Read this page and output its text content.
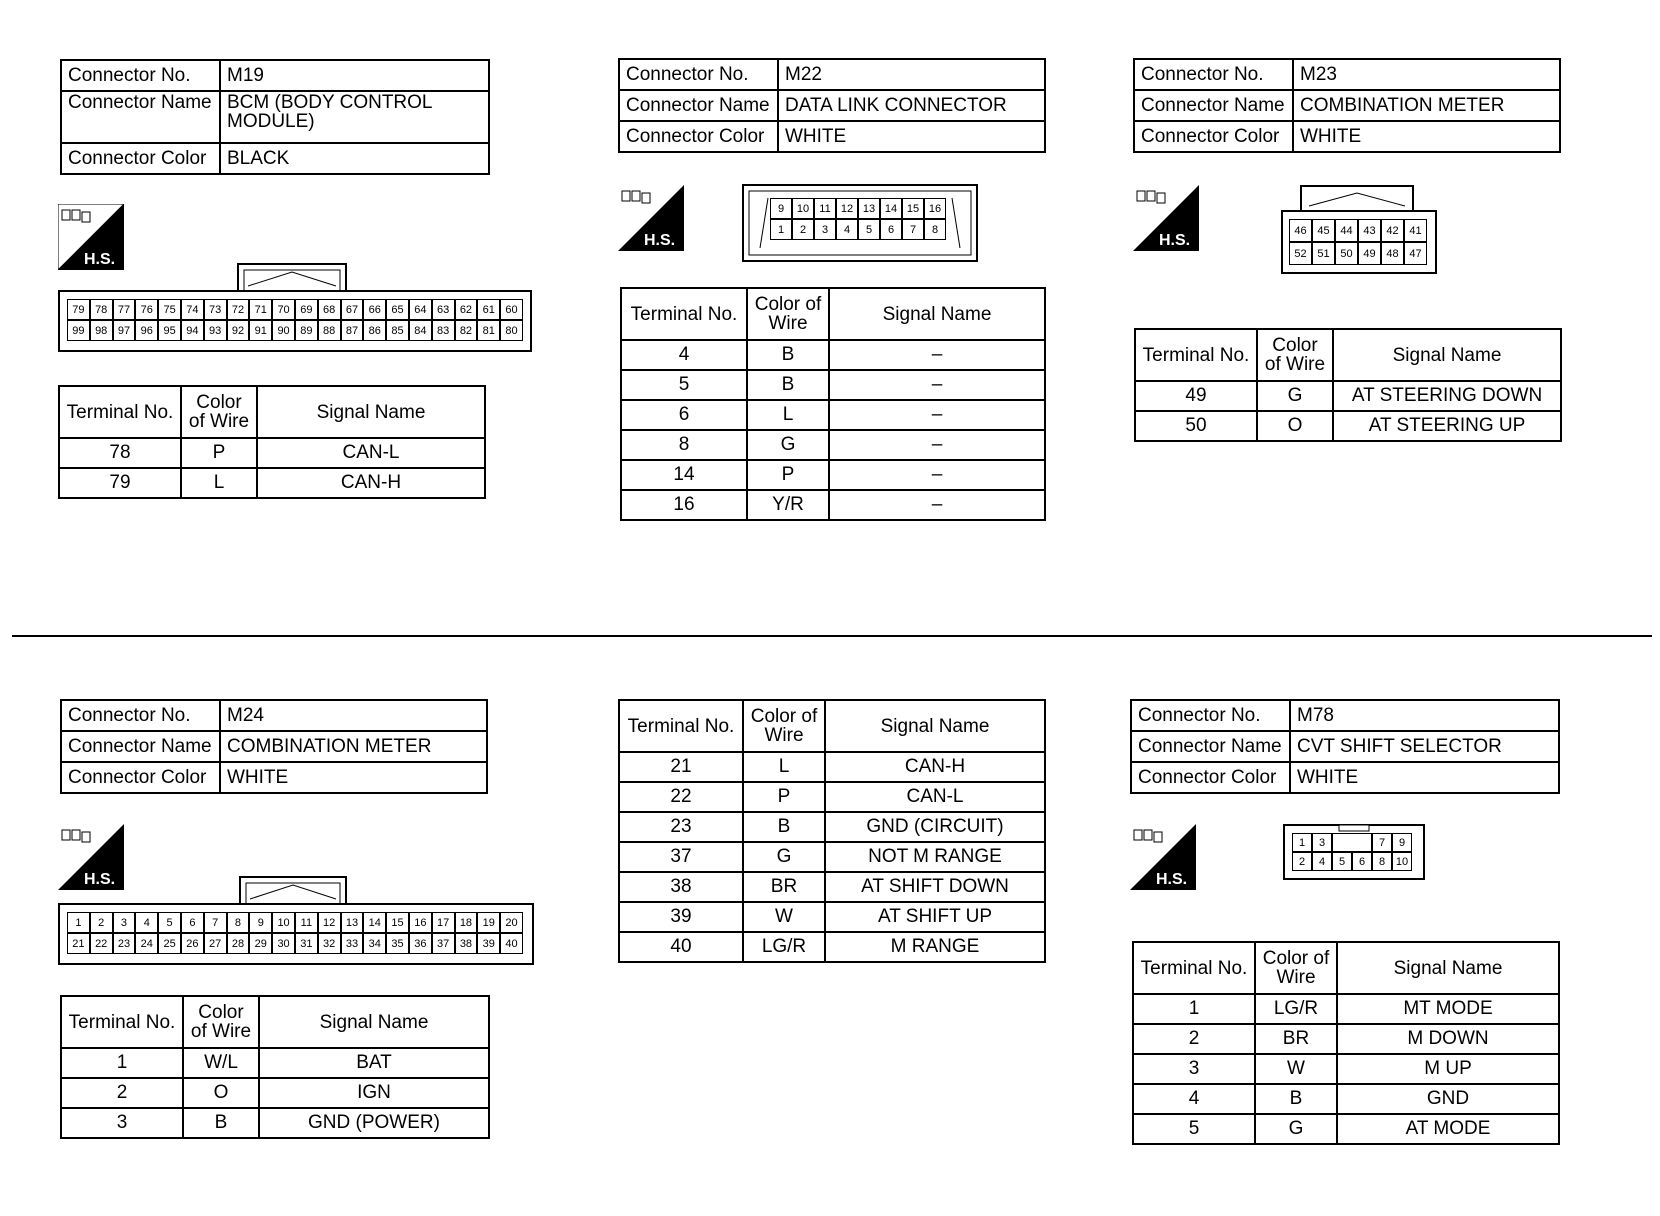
Connector No.	M19
Connector Name	BCM (BODY CONTROL MODULE)
Connector Color	BLACK
H.S.
79 78 77 76 75 74 73 72 71 70 69 68 67 66 65 64 63 62 61 60
99 98 97 96 95 94 93 92 91 90 89 88 87 86 85 84 83 82 81 80
Terminal No.	Color of Wire	Signal Name
78	P	CAN-L
79	L	CAN-H
Connector No.	M22
Connector Name	DATA LINK CONNECTOR
Connector Color	WHITE
H.S.
9	10 11 12 13 14 15 16
1	2	3	4	5	6	7	8
Terminal No.	Color of Wire	Signal Name
4	B	–
5	B	–
6	L	–
8	G	–
14	P	–
16	Y/R	–
Connector No.	M23
Connector Name	COMBINATION METER
Connector Color	WHITE
H.S.
46 45 44 43 42 41
52 51 50 49 48 47
Terminal No.	Color of Wire	Signal Name
49	G	AT STEERING DOWN
50	O	AT STEERING UP
Connector No.	M24
Connector Name	COMBINATION METER
Connector Color	WHITE
H.S.
1	2	3	4	5	6	7	8	9	10 11 12 13 14 15 16 17 18 19 20
21 22 23 24 25 26 27 28 29 30 31 32 33 34 35 36 37 38 39 40
Terminal No.	Color of Wire	Signal Name
1	W/L	BAT
2	O	IGN
3	B	GND (POWER)
Terminal No.	Color of Wire	Signal Name
21	L	CAN-H
22	P	CAN-L
23	B	GND (CIRCUIT)
37	G	NOT M RANGE
38	BR	AT SHIFT DOWN
39	W	AT SHIFT UP
40	LG/R	M RANGE
Connector No.	M78
Connector Name	CVT SHIFT SELECTOR
Connector Color	WHITE
H.S.
1	3	7	9
2	4	5	6	8 10
Terminal No.	Color of Wire	Signal Name
1	LG/R	MT MODE
2	BR	M DOWN
3	W	M UP
4	B	GND
5	G	AT MODE
